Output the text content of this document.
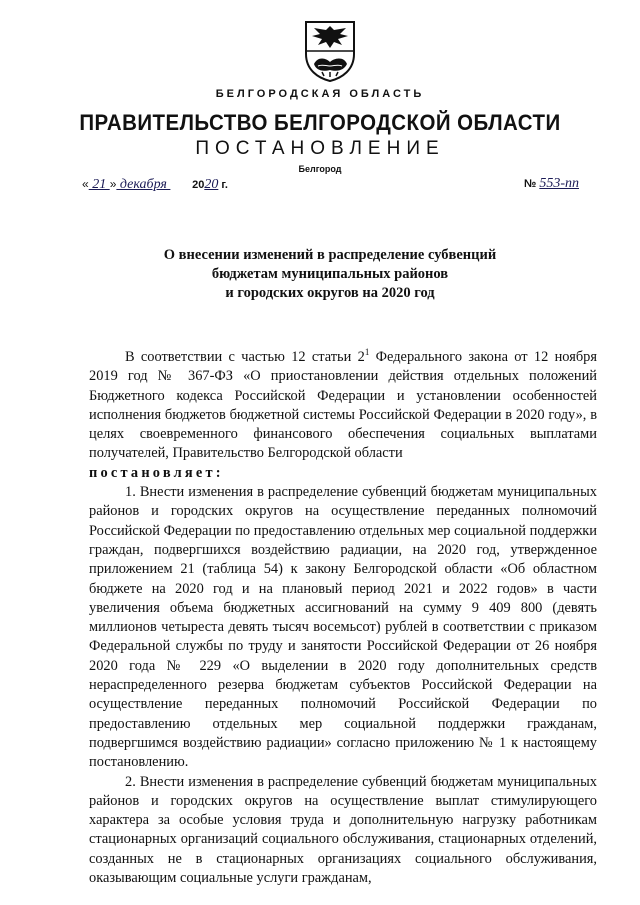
БЕЛГОРОДСКАЯ ОБЛАСТЬ
ПРАВИТЕЛЬСТВО БЕЛГОРОДСКОЙ ОБЛАСТИ
ПОСТАНОВЛЕНИЕ
Белгород
« 21 » декабря       2020 г.	№ 553-пп
О внесении изменений в распределение субвенций
бюджетам муниципальных районов
и городских округов на 2020 год

В соответствии с частью 12 статьи $2^1$ Федерального закона от 12 ноября 2019 год № 367-ФЗ «О приостановлении действия отдельных положений Бюджетного кодекса Российской Федерации и установлении особенностей исполнения бюджетов бюджетной системы Российской Федерации в 2020 году», в целях своевременного финансового обеспечения социальных выплатами получателей, Правительство Белгородской области

постановляет:

1. Внести изменения в распределение субвенций бюджетам муниципальных районов и городских округов на осуществление переданных полномочий Российской Федерации по предоставлению отдельных мер социальной поддержки граждан, подвергшихся воздействию радиации, на 2020 год, утвержденное приложением 21 (таблица 54) к закону Белгородской области «Об областном бюджете на 2020 год и на плановый период 2021 и 2022 годов» в части увеличения объема бюджетных ассигнований на сумму 9 409 800 (девять миллионов четыреста девять тысяч восемьсот) рублей в соответствии с приказом Федеральной службы по труду и занятости Российской Федерации от 26 ноября 2020 года № 229 «О выделении в 2020 году дополнительных средств нераспределенного резерва бюджетам субъектов Российской Федерации на осуществление переданных полномочий Российской Федерации по предоставлению отдельных мер социальной поддержки гражданам, подвергшимся воздействию радиации» согласно приложению № 1 к настоящему постановлению.

2. Внести изменения в распределение субвенций бюджетам муниципальных районов и городских округов на осуществление выплат стимулирующего характера за особые условия труда и дополнительную нагрузку работникам стационарных организаций социального обслуживания, стационарных отделений, созданных не в стационарных организациях социального обслуживания, оказывающим социальные услуги гражданам,
